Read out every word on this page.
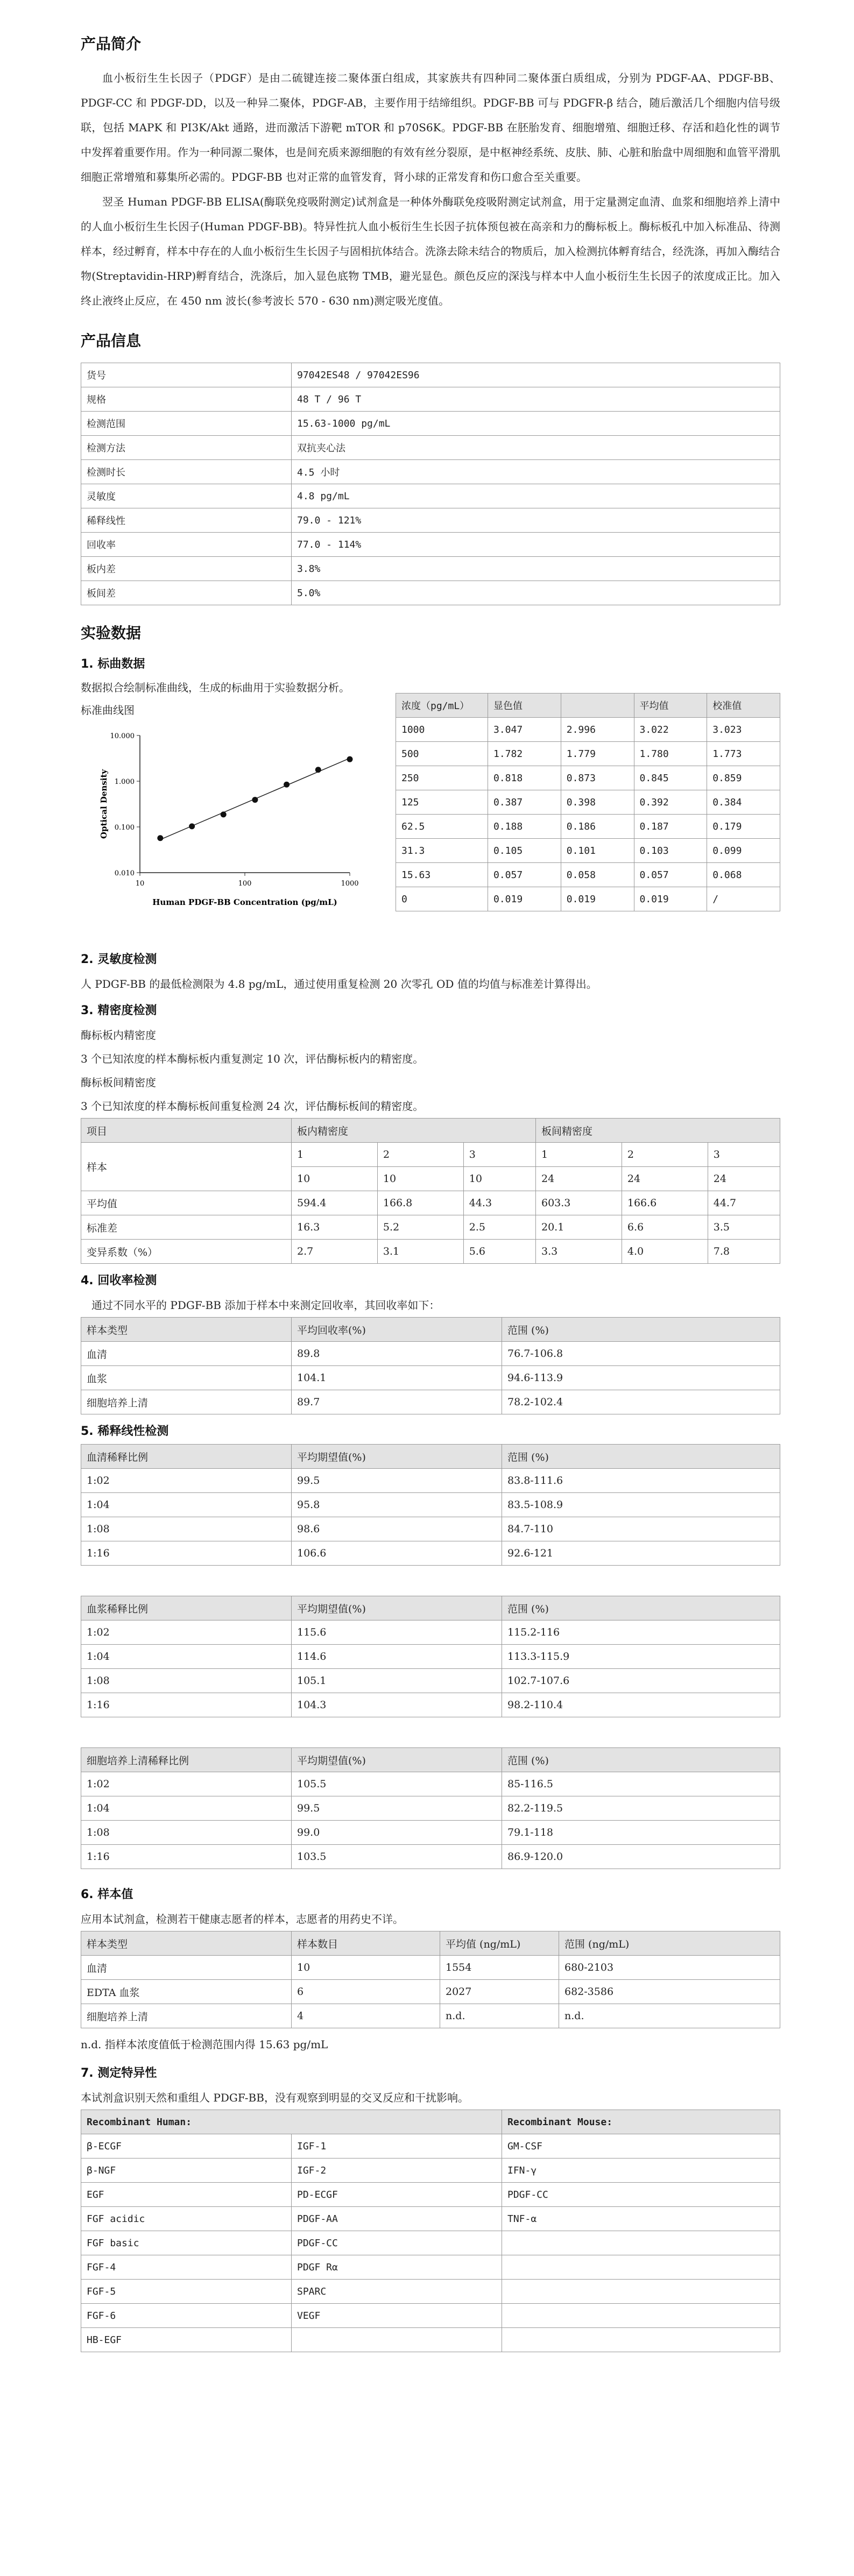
产品简介

血小板衍生生长因子（PDGF）是由二硫键连接二聚体蛋白组成，其家族共有四种同二聚体蛋白质组成，分别为 PDGF-AA、PDGF-BB、PDGF-CC 和 PDGF-DD，以及一种异二聚体，PDGF-AB，主要作用于结缔组织。PDGF-BB 可与 PDGFR-β 结合，随后激活几个细胞内信号级联，包括 MAPK 和 PI3K/Akt 通路，进而激活下游靶 mTOR 和 p70S6K。PDGF-BB 在胚胎发育、细胞增殖、细胞迁移、存活和趋化性的调节中发挥着重要作用。作为一种同源二聚体，也是间充质来源细胞的有效有丝分裂原，是中枢神经系统、皮肤、肺、心脏和胎盘中周细胞和血管平滑肌细胞正常增殖和募集所必需的。PDGF-BB 也对正常的血管发育，肾小球的正常发育和伤口愈合至关重要。

翌圣 Human PDGF-BB ELISA(酶联免疫吸附测定)试剂盒是一种体外酶联免疫吸附测定试剂盒，用于定量测定血清、血浆和细胞培养上清中的人血小板衍生生长因子(Human PDGF-BB)。特异性抗人血小板衍生生长因子抗体预包被在高亲和力的酶标板上。酶标板孔中加入标准品、待测样本，经过孵育，样本中存在的人血小板衍生生长因子与固相抗体结合。洗涤去除未结合的物质后，加入检测抗体孵育结合，经洗涤，再加入酶结合物(Streptavidin-HRP)孵育结合，洗涤后，加入显色底物 TMB，避光显色。颜色反应的深浅与样本中人血小板衍生生长因子的浓度成正比。加入终止液终止反应，在 450 nm 波长(参考波长 570 - 630 nm)测定吸光度值。

产品信息
货号	97042ES48 / 97042ES96
规格	48 T / 96 T
检测范围	15.63-1000 pg/mL
检测方法	双抗夹心法
检测时长	4.5 小时
灵敏度	4.8 pg/mL
稀释线性	79.0 - 121%
回收率	77.0 - 114%
板内差	3.8%
板间差	5.0%
实验数据
1. 标曲数据

数据拟合绘制标准曲线，生成的标曲用于实验数据分析。

标准曲线图
0.010
0.100
1.000
10.000
10	100	1000
Human PDGF-BB Concentration (pg/mL)
Optical Density
浓度（pg/mL）	显色值		平均值	校准值
1000	3.047	2.996	3.022	3.023
500	1.782	1.779	1.780	1.773
250	0.818	0.873	0.845	0.859
125	0.387	0.398	0.392	0.384
62.5	0.188	0.186	0.187	0.179
31.3	0.105	0.101	0.103	0.099
15.63	0.057	0.058	0.057	0.068
0	0.019	0.019	0.019	/
2. 灵敏度检测
人 PDGF-BB 的最低检测限为 4.8 pg/mL，通过使用重复检测 20 次零孔 OD 值的均值与标准差计算得出。
3. 精密度检测
酶标板内精密度
3 个已知浓度的样本酶标板内重复测定 10 次，评估酶标板内的精密度。
酶标板间精密度
3 个已知浓度的样本酶标板间重复检测 24 次，评估酶标板间的精密度。
项目	板内精密度			板间精密度		
样本	1	2	3	1	2	3
	10	10	10	24	24	24
平均值	594.4	166.8	44.3	603.3	166.6	44.7
标准差	16.3	5.2	2.5	20.1	6.6	3.5
变异系数（%）	2.7	3.1	5.6	3.3	4.0	7.8
4. 回收率检测
通过不同水平的 PDGF-BB 添加于样本中来测定回收率，其回收率如下：
样本类型	平均回收率(%)	范围 (%)
血清	89.8	76.7-106.8
血浆	104.1	94.6-113.9
细胞培养上清	89.7	78.2-102.4
5. 稀释线性检测
血清稀释比例	平均期望值(%)	范围 (%)
1:02	99.5	83.8-111.6
1:04	95.8	83.5-108.9
1:08	98.6	84.7-110
1:16	106.6	92.6-121
血浆稀释比例	平均期望值(%)	范围 (%)
1:02	115.6	115.2-116
1:04	114.6	113.3-115.9
1:08	105.1	102.7-107.6
1:16	104.3	98.2-110.4
细胞培养上清稀释比例	平均期望值(%)	范围 (%)
1:02	105.5	85-116.5
1:04	99.5	82.2-119.5
1:08	99.0	79.1-118
1:16	103.5	86.9-120.0
6. 样本值
应用本试剂盒，检测若干健康志愿者的样本，志愿者的用药史不详。
样本类型	样本数目	平均值 (ng/mL)	范围 (ng/mL)
血清	10	1554	680-2103
EDTA 血浆	6	2027	682-3586
细胞培养上清	4	n.d.	n.d.
n.d. 指样本浓度值低于检测范围内得 15.63 pg/mL
7. 测定特异性
本试剂盒识别天然和重组人 PDGF-BB，没有观察到明显的交叉反应和干扰影响。
Recombinant Human:		Recombinant Mouse:
β-ECGF	IGF-1	GM-CSF
β-NGF	IGF-2	IFN-γ
EGF	PD-ECGF	PDGF-CC
FGF acidic	PDGF-AA	TNF-α
FGF basic	PDGF-CC	
FGF-4	PDGF Rα	
FGF-5	SPARC	
FGF-6	VEGF	
HB-EGF		
